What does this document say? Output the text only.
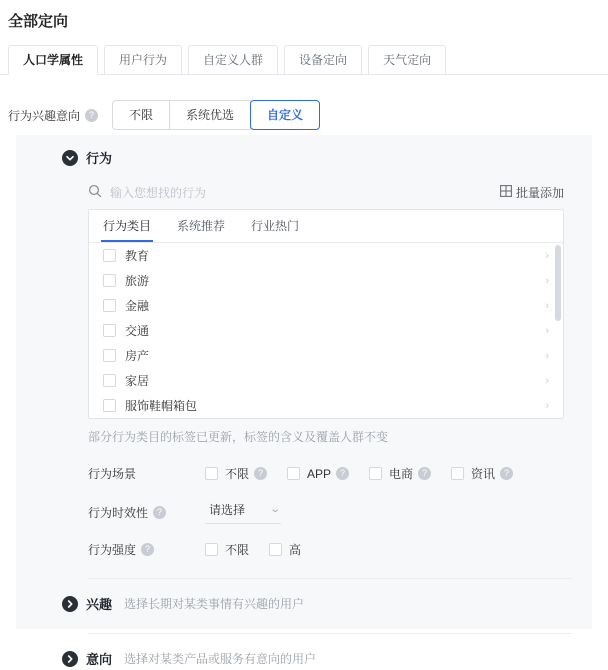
全部定向
人口学属性	用户行为	自定义人群	设备定向	天气定向
行为兴趣意向 ?	不限	系统优选	自定义
行为
输入您想找的行为
批量添加
行为类目 系统推荐 行业热门
教育	›
旅游	›
金融	›
交通	›
房产	›
家居	›
服饰鞋帽箱包	›
部分行为类目的标签已更新，标签的含义及覆盖人群不变
行为场景	不限 ?	APP ?	电商 ?	资讯 ?
行为时效性 ?	请选择 ⌄
行为强度 ?	不限	高
兴趣 选择长期对某类事情有兴趣的用户
意向 选择对某类产品或服务有意向的用户
